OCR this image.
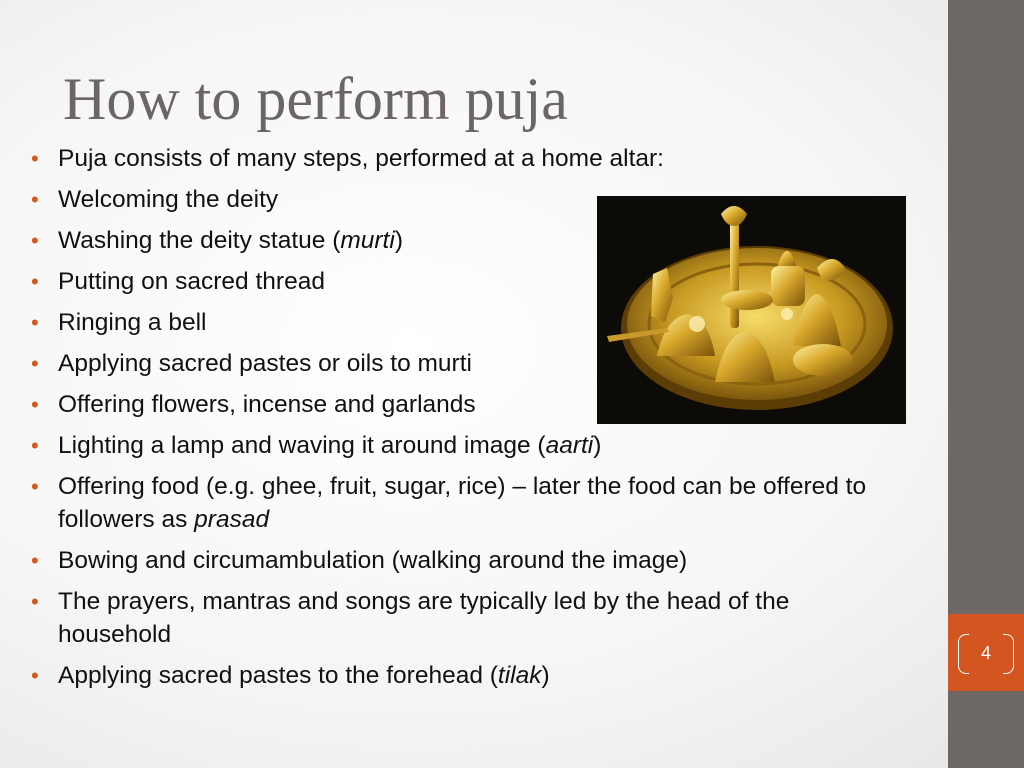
How to perform puja
• Puja consists of many steps, performed at a home altar:
• Welcoming the deity
• Washing the deity statue (murti)
• Putting on sacred thread
• Ringing a bell
• Applying sacred pastes or oils to murti
• Offering flowers, incense and garlands
• Lighting a lamp and waving it around image (aarti)
• Offering food (e.g. ghee, fruit, sugar, rice) – later the food can be offered to followers as prasad
• Bowing and circumambulation (walking around the image)
• The prayers, mantras and songs are typically led by the head of the household
• Applying sacred pastes to the forehead (tilak)
4
